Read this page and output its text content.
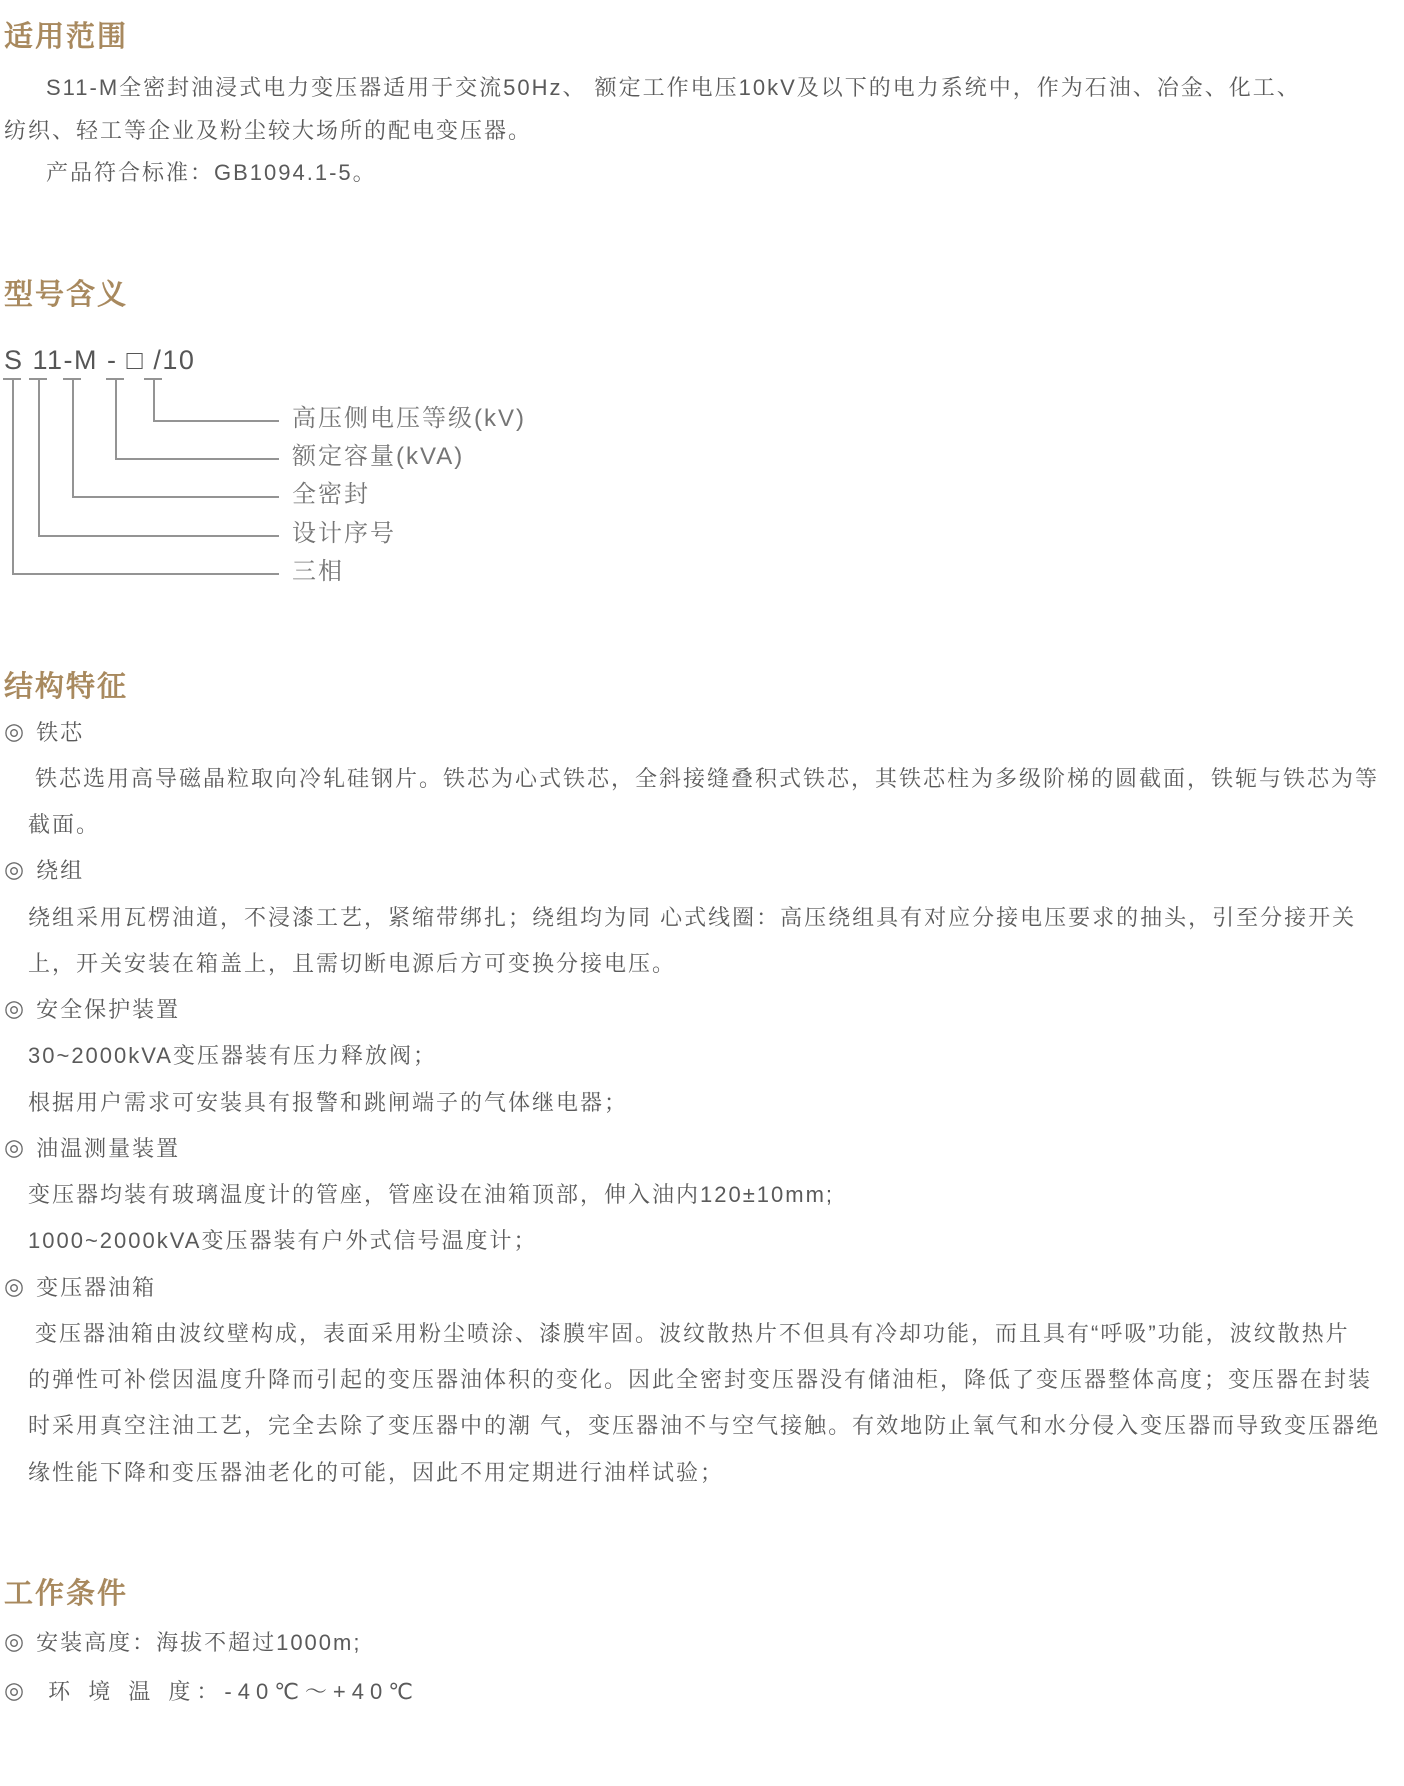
适用范围
S11-M全密封油浸式电力变压器适用于交流50Hz、 额定工作电压10kV及以下的电力系统中，作为石油、冶金、化工、
纺织、轻工等企业及粉尘较大场所的配电变压器。
产品符合标准：GB1094.1-5。
型号含义
S 11-M - □ /10
高压侧电压等级(kV)
额定容量(kVA)
全密封
设计序号
三相
结构特征
◎ 铁芯
铁芯选用高导磁晶粒取向冷轧硅钢片。铁芯为心式铁芯，全斜接缝叠积式铁芯，其铁芯柱为多级阶梯的圆截面，铁轭与铁芯为等
截面。
◎ 绕组
绕组采用瓦楞油道，不浸漆工艺，紧缩带绑扎；绕组均为同 心式线圈：高压绕组具有对应分接电压要求的抽头，引至分接开关
上，开关安装在箱盖上，且需切断电源后方可变换分接电压。
◎ 安全保护装置
30~2000kVA变压器装有压力释放阀；
根据用户需求可安装具有报警和跳闸端子的气体继电器；
◎ 油温测量装置
变压器均装有玻璃温度计的管座，管座设在油箱顶部，伸入油内120±10mm;
1000~2000kVA变压器装有户外式信号温度计；
◎ 变压器油箱
变压器油箱由波纹壁构成，表面采用粉尘喷涂、漆膜牢固。波纹散热片不但具有冷却功能，而且具有“呼吸”功能，波纹散热片
的弹性可补偿因温度升降而引起的变压器油体积的变化。因此全密封变压器没有储油柜，降低了变压器整体高度；变压器在封装
时采用真空注油工艺，完全去除了变压器中的潮 气，变压器油不与空气接触。有效地防止氧气和水分侵入变压器而导致变压器绝
缘性能下降和变压器油老化的可能，因此不用定期进行油样试验；
工作条件
◎ 安装高度：海拔不超过1000m;
◎ 环 境 温 度：-40℃～+40℃
